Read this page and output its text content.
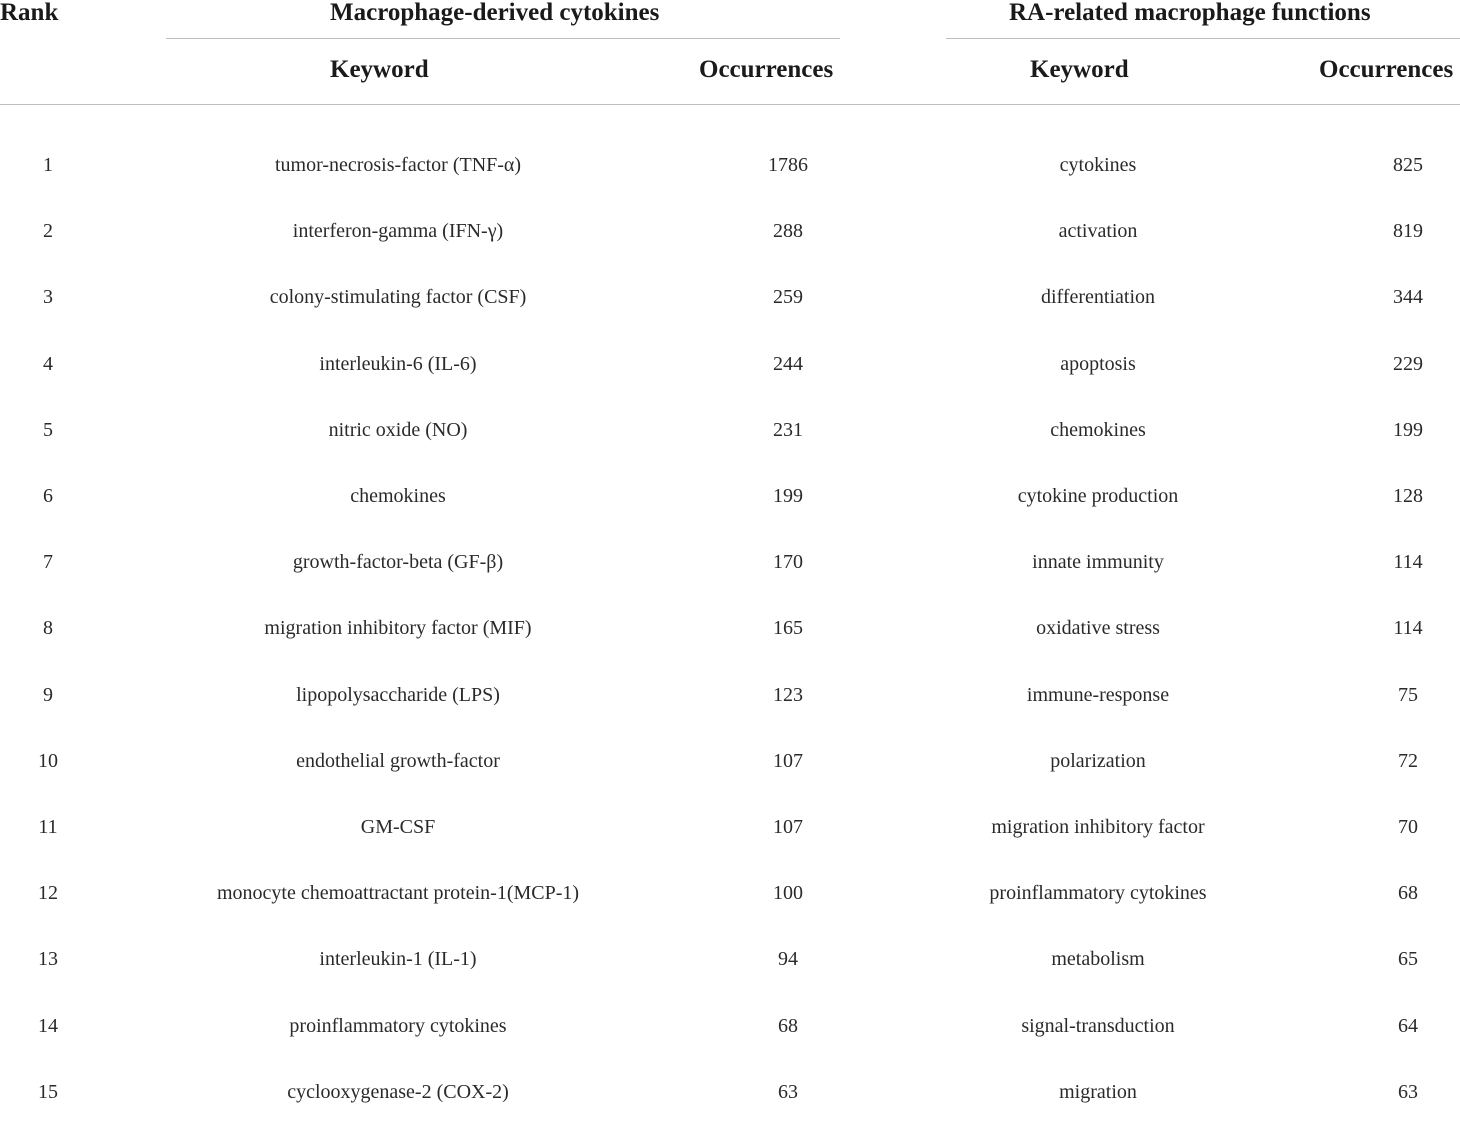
Rank	Macrophage-derived cytokines	RA-related macrophage functions
Keyword	Occurrences	Keyword	Occurrences
1	tumor-necrosis-factor (TNF-α)	1786	cytokines	825
2	interferon-gamma (IFN-γ)	288	activation	819
3	colony-stimulating factor (CSF)	259	differentiation	344
4	interleukin-6 (IL-6)	244	apoptosis	229
5	nitric oxide (NO)	231	chemokines	199
6	chemokines	199	cytokine production	128
7	growth-factor-beta (GF-β)	170	innate immunity	114
8	migration inhibitory factor (MIF)	165	oxidative stress	114
9	lipopolysaccharide (LPS)	123	immune-response	75
10	endothelial growth-factor	107	polarization	72
11	GM-CSF	107	migration inhibitory factor	70
12	monocyte chemoattractant protein-1(MCP-1)	100	proinflammatory cytokines	68
13	interleukin-1 (IL-1)	94	metabolism	65
14	proinflammatory cytokines	68	signal-transduction	64
15	cyclooxygenase-2 (COX-2)	63	migration	63
